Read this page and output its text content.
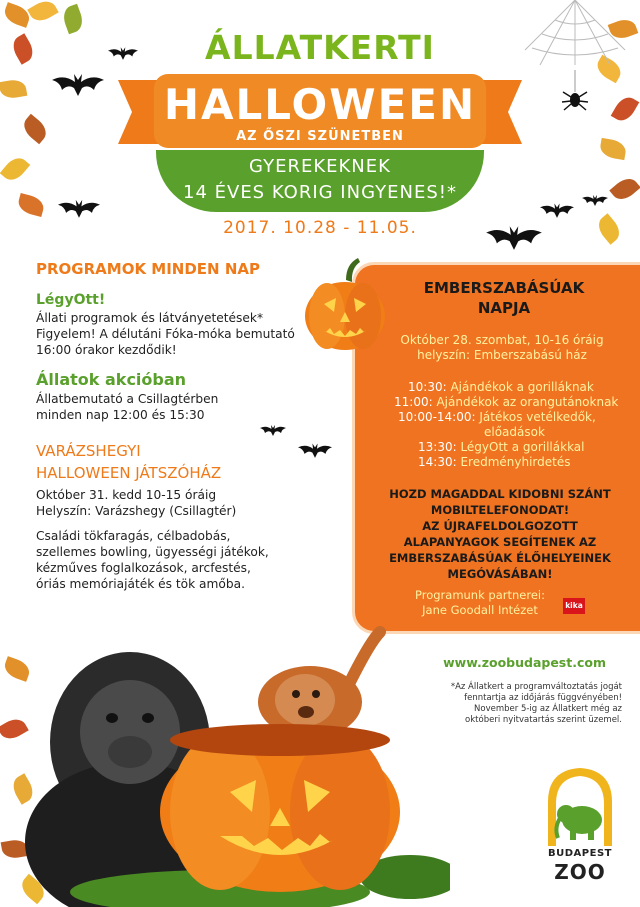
ÁLLATKERTI
HALLOWEEN
AZ ŐSZI SZÜNETBEN
GYEREKEKNEK
14 ÉVES KORIG INGYENES!*
2017. 10.28 - 11.05.
PROGRAMOK MINDEN NAP
LégyOtt!
Állati programok és látványetetések*
Figyelem! A délutáni Fóka-móka bemutató
16:00 órakor kezdődik!
Állatok akcióban
Állatbemutató a Csillagtérben
minden nap 12:00 és 15:30
VARÁZSHEGYI
HALLOWEEN JÁTSZÓHÁZ
Október 31. kedd 10-15 óráig
Helyszín: Varázshegy (Csillagtér)
Családi tökfaragás, célbadobás,
szellemes bowling, ügyességi játékok,
kézműves foglalkozások, arcfestés,
óriás memóriajáték és tök amőba.
EMBERSZABÁSÚAK
NAPJA
Október 28. szombat, 10-16 óráig
helyszín: Emberszabású ház
10:30: Ajándékok a gorilláknak
11:00: Ajándékok az orangutánoknak
10:00-14:00: Játékos vetélkedők,
előadások
13:30: LégyOtt a gorillákkal
14:30: Eredményhirdetés
HOZD MAGADDAL KIDOBNI SZÁNT
MOBILTELEFONODAT!
AZ ÚJRAFELDOLGOZOTT
ALAPANYAGOK SEGÍTENEK AZ
EMBERSZABÁSÚAK ÉLŐHELYEINEK
MEGÓVÁSÁBAN!
Programunk partnerei:
Jane Goodall Intézet	kika
www.zoobudapest.com
*Az Állatkert a programváltoztatás jogát
fenntartja az időjárás függvényében!
November 5-ig az Állatkert még az
októberi nyitvatartás szerint üzemel.
BUDAPEST
ZOO
